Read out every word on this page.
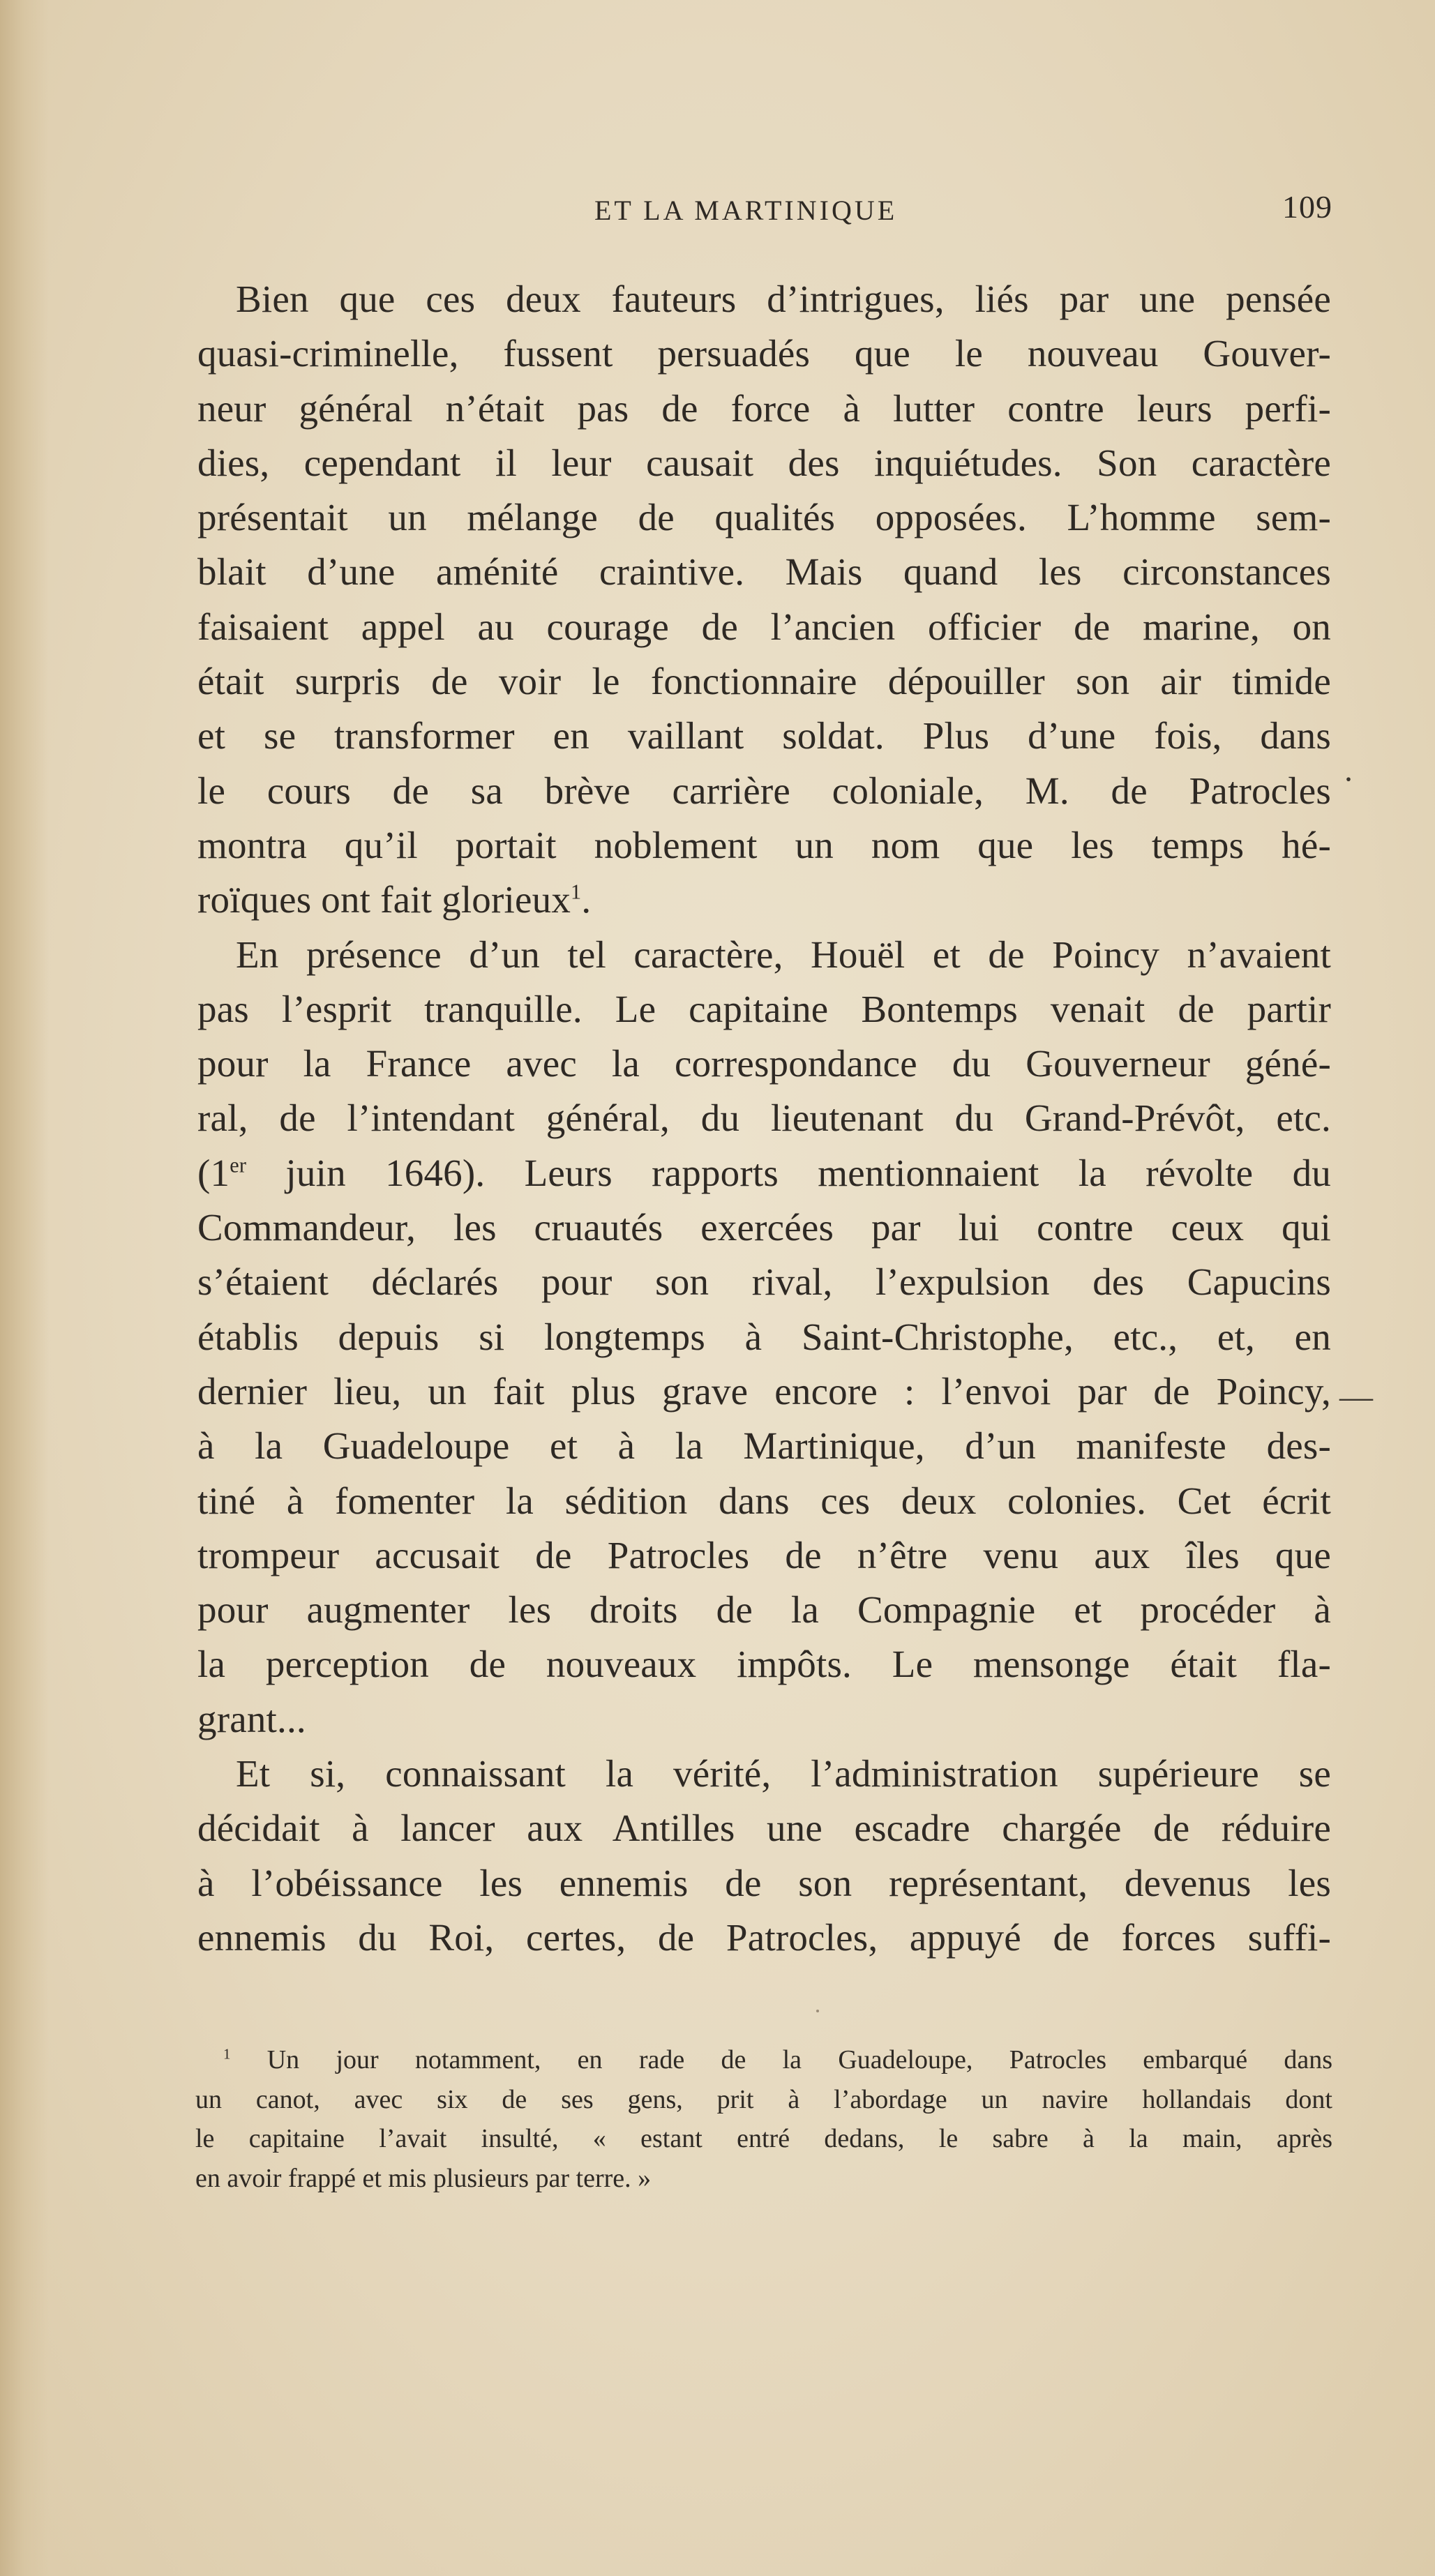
ET LA MARTINIQUE	109
Bien que ces deux fauteurs d’intrigues, liés par une pensée
quasi-criminelle, fussent persuadés que le nouveau Gouver-
neur général n’était pas de force à lutter contre leurs perfi-
dies, cependant il leur causait des inquiétudes. Son caractère
présentait un mélange de qualités opposées. L’homme sem-
blait d’une aménité craintive. Mais quand les circonstances
faisaient appel au courage de l’ancien officier de marine, on
était surpris de voir le fonctionnaire dépouiller son air timide
et se transformer en vaillant soldat. Plus d’une fois, dans
le cours de sa brève carrière coloniale, M. de Patrocles
montra qu’il portait noblement un nom que les temps hé-
roïques ont fait glorieux$^1$.
En présence d’un tel caractère, Houël et de Poincy n’avaient
pas l’esprit tranquille. Le capitaine Bontemps venait de partir
pour la France avec la correspondance du Gouverneur géné-
ral, de l’intendant général, du lieutenant du Grand-Prévôt, etc.
(1er juin 1646). Leurs rapports mentionnaient la révolte du
Commandeur, les cruautés exercées par lui contre ceux qui
s’étaient déclarés pour son rival, l’expulsion des Capucins
établis depuis si longtemps à Saint-Christophe, etc., et, en
dernier lieu, un fait plus grave encore : l’envoi par de Poincy,
à la Guadeloupe et à la Martinique, d’un manifeste des-
tiné à fomenter la sédition dans ces deux colonies. Cet écrit
trompeur accusait de Patrocles de n’être venu aux îles que
pour augmenter les droits de la Compagnie et procéder à
la perception de nouveaux impôts. Le mensonge était fla-
grant...
Et si, connaissant la vérité, l’administration supérieure se
décidait à lancer aux Antilles une escadre chargée de réduire
à l’obéissance les ennemis de son représentant, devenus les
ennemis du Roi, certes, de Patrocles, appuyé de forces suffi-
·
—
$^1$ Un jour notamment, en rade de la Guadeloupe, Patrocles embarqué dans
un canot, avec six de ses gens, prit à l’abordage un navire hollandais dont
le capitaine l’avait insulté, « estant entré dedans, le sabre à la main, après
en avoir frappé et mis plusieurs par terre. »
